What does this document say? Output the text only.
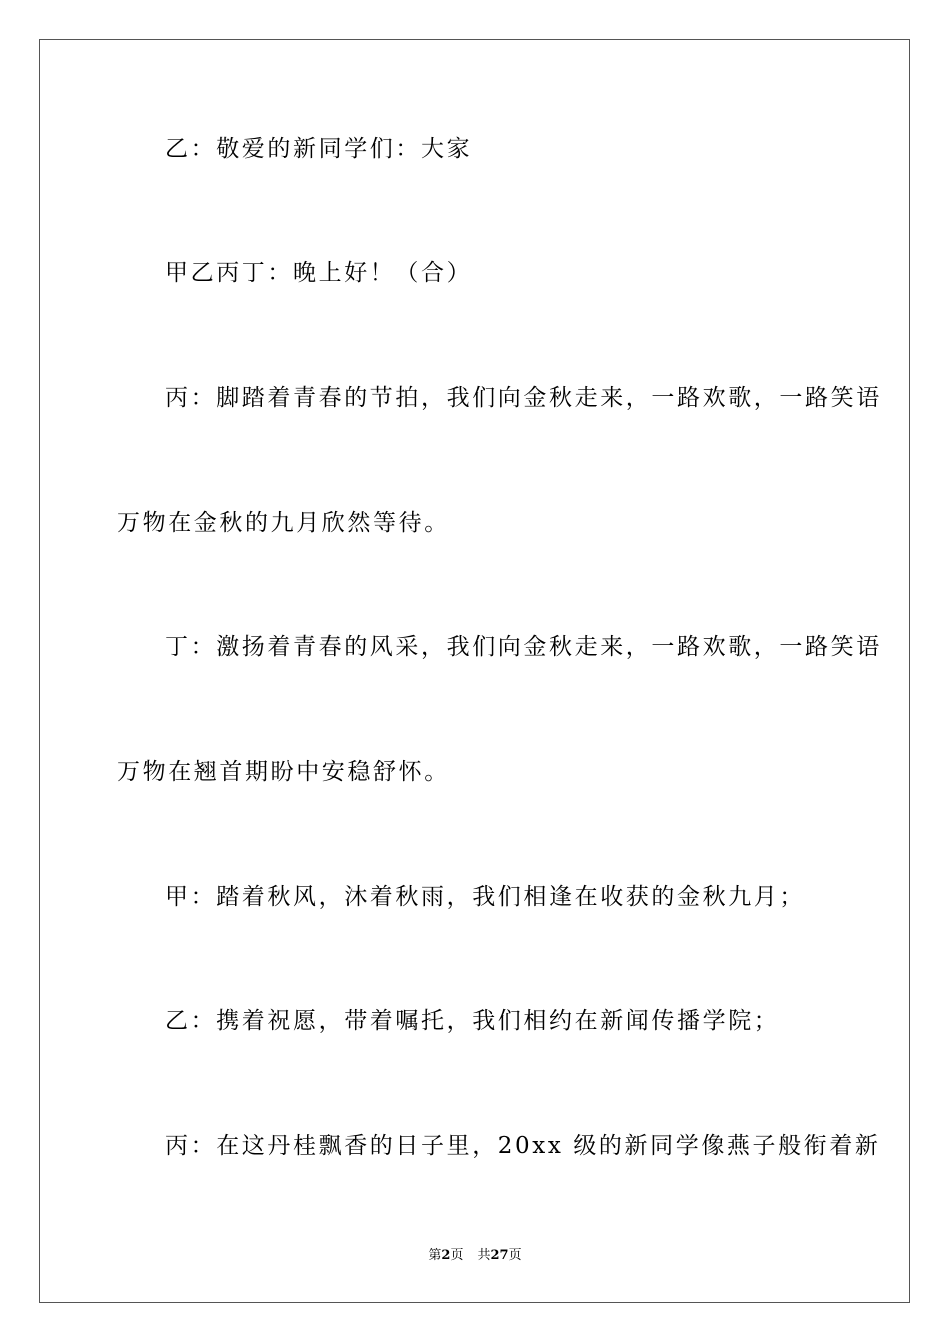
乙：敬爱的新同学们：大家
甲乙丙丁：晚上好！（合）
丙：脚踏着青春的节拍，我们向金秋走来，一路欢歌，一路笑语
万物在金秋的九月欣然等待。
丁：激扬着青春的风采，我们向金秋走来，一路欢歌，一路笑语
万物在翘首期盼中安稳舒怀。
甲：踏着秋风，沐着秋雨，我们相逢在收获的金秋九月；
乙：携着祝愿，带着嘱托，我们相约在新闻传播学院；
丙：在这丹桂飘香的日子里，20xx 级的新同学像燕子般衔着新
第2页 共27页
